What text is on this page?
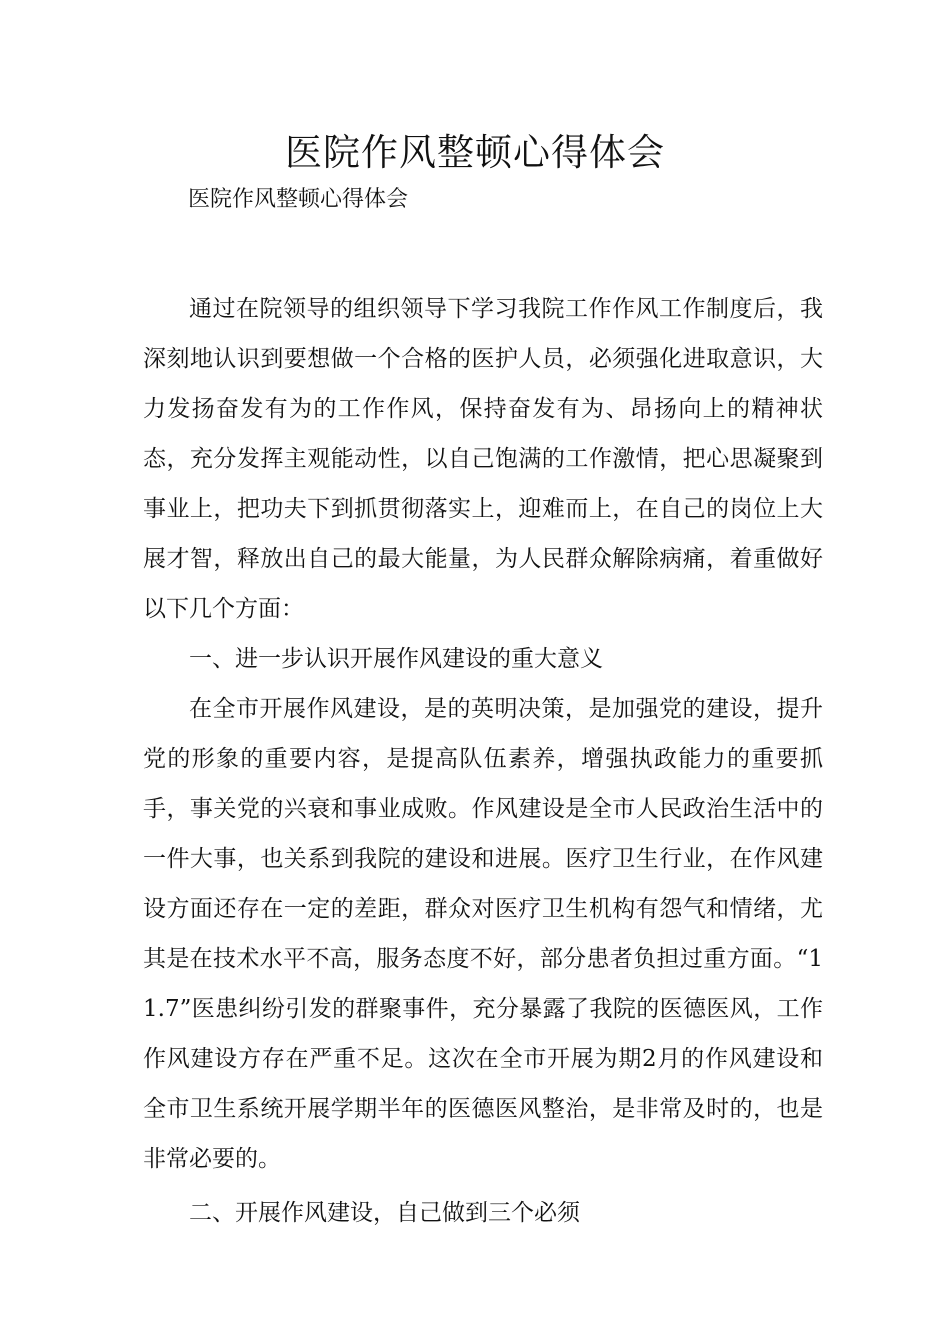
医院作风整顿心得体会

医院作风整顿心得体会

通过在院领导的组织领导下学习我院工作作风工作制度后，我深刻地认识到要想做一个合格的医护人员，必须强化进取意识，大力发扬奋发有为的工作作风，保持奋发有为、昂扬向上的精神状态，充分发挥主观能动性，以自己饱满的工作激情，把心思凝聚到事业上，把功夫下到抓贯彻落实上，迎难而上，在自己的岗位上大展才智，释放出自己的最大能量，为人民群众解除病痛，着重做好以下几个方面：

一、进一步认识开展作风建设的重大意义

在全市开展作风建设，是的英明决策，是加强党的建设，提升党的形象的重要内容，是提高队伍素养，增强执政能力的重要抓手，事关党的兴衰和事业成败。作风建设是全市人民政治生活中的一件大事，也关系到我院的建设和进展。医疗卫生行业，在作风建设方面还存在一定的差距，群众对医疗卫生机构有怨气和情绪，尤其是在技术水平不高，服务态度不好，部分患者负担过重方面。“11.7”医患纠纷引发的群聚事件，充分暴露了我院的医德医风，工作作风建设方存在严重不足。这次在全市开展为期2月的作风建设和全市卫生系统开展学期半年的医德医风整治，是非常及时的，也是非常必要的。

二、开展作风建设，自己做到三个必须
